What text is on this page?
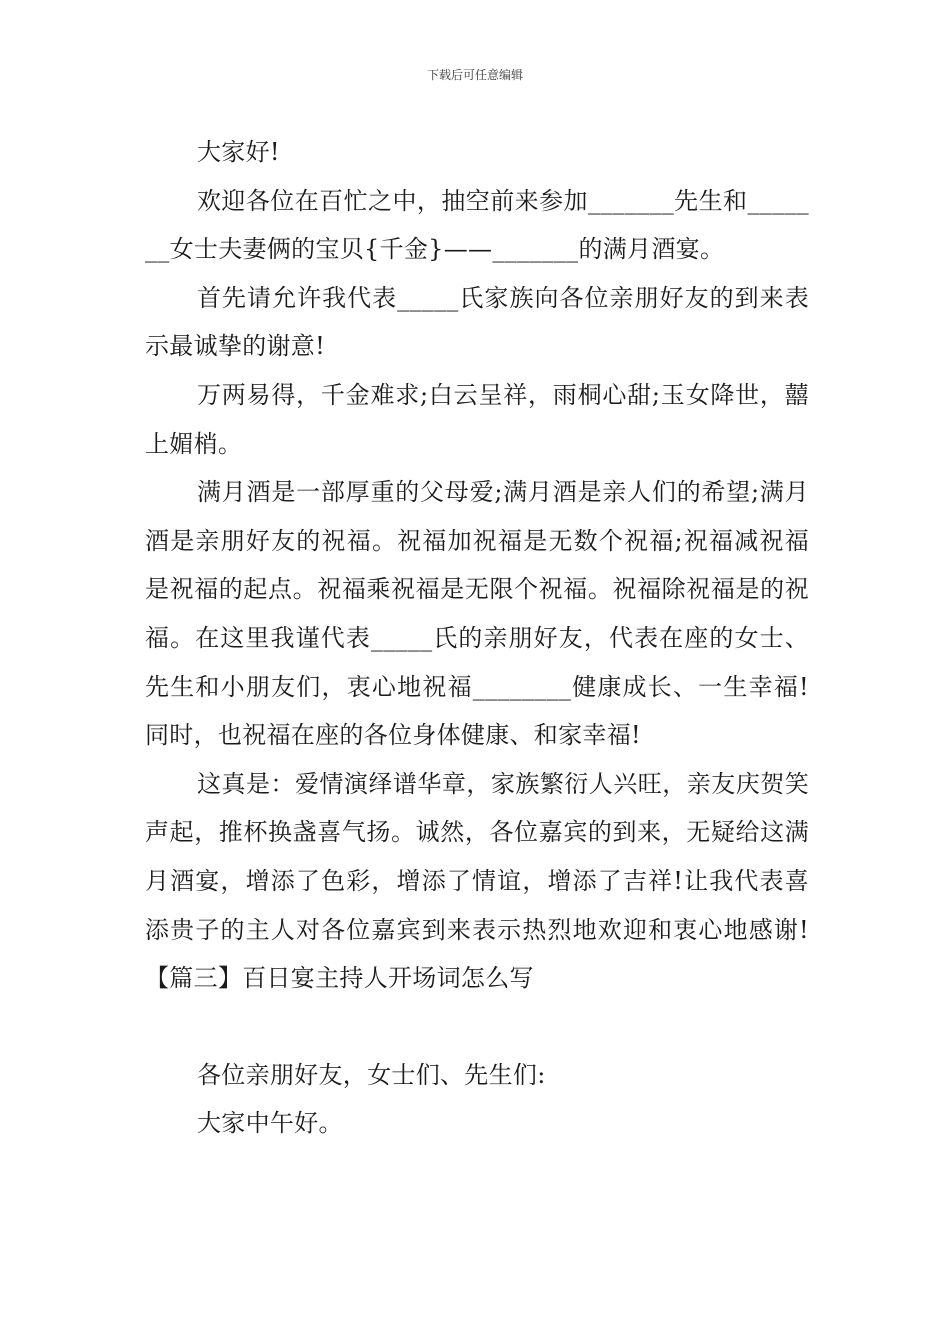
下载后可任意编辑

大家好!

欢迎各位在百忙之中，抽空前来参加_______先生和_______女士夫妻俩的宝贝{千金}——_______的满月酒宴。

首先请允许我代表_____氏家族向各位亲朋好友的到来表示最诚挚的谢意!

万两易得，千金难求;白云呈祥，雨桐心甜;玉女降世，囍上媚梢。

满月酒是一部厚重的父母爱;满月酒是亲人们的希望;满月酒是亲朋好友的祝福。祝福加祝福是无数个祝福;祝福减祝福是祝福的起点。祝福乘祝福是无限个祝福。祝福除祝福是的祝福。在这里我谨代表_____氏的亲朋好友，代表在座的女士、先生和小朋友们，衷心地祝福________健康成长、一生幸福!同时，也祝福在座的各位身体健康、和家幸福!

这真是：爱情演绎谱华章，家族繁衍人兴旺，亲友庆贺笑声起，推杯换盏喜气扬。诚然，各位嘉宾的到来，无疑给这满月酒宴，增添了色彩，增添了情谊，增添了吉祥!让我代表喜添贵子的主人对各位嘉宾到来表示热烈地欢迎和衷心地感谢!【篇三】百日宴主持人开场词怎么写

各位亲朋好友，女士们、先生们:

大家中午好。
